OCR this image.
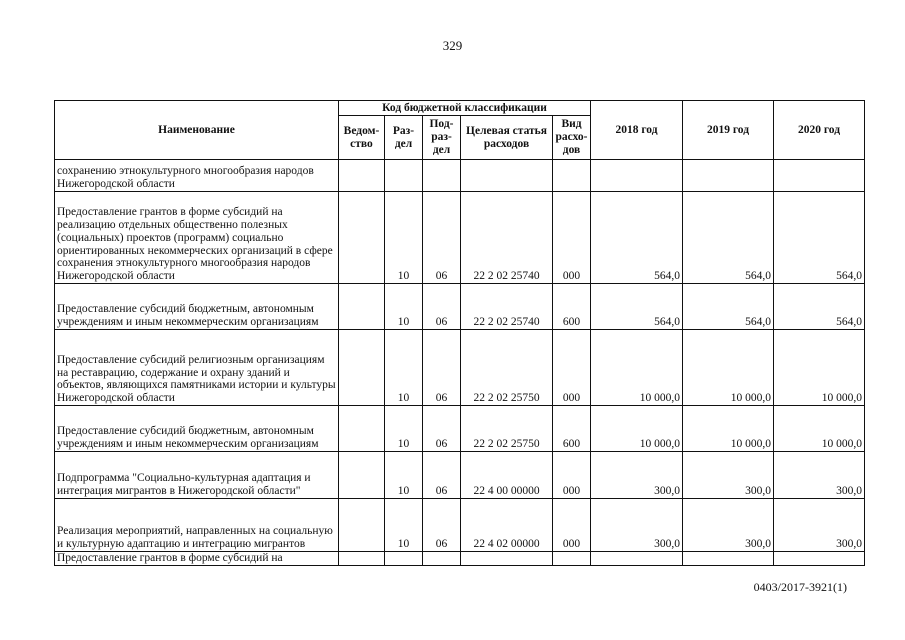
329
Наименование	Код бюджетной классификации					2018 год	2019 год	2020 год
	Ведом-ство	Раз-дел	Под-раз-дел	Целевая статья расходов	Вид расхо-дов			
сохранению этнокультурного многообразия народов Нижегородской области								
Предоставление грантов в форме субсидий на реализацию отдельных общественно полезных (социальных) проектов (программ) социально ориентированных некоммерческих организаций в сфере сохранения этнокультурного многообразия народов Нижегородской области		10	06	22 2 02 25740	000	564,0	564,0	564,0
Предоставление субсидий бюджетным, автономным учреждениям и иным некоммерческим организациям		10	06	22 2 02 25740	600	564,0	564,0	564,0
Предоставление субсидий религиозным организациям на реставрацию, содержание и охрану зданий и объектов, являющихся памятниками истории и культуры Нижегородской области		10	06	22 2 02 25750	000	10 000,0	10 000,0	10 000,0
Предоставление субсидий бюджетным, автономным учреждениям и иным некоммерческим организациям		10	06	22 2 02 25750	600	10 000,0	10 000,0	10 000,0
Подпрограмма "Социально-культурная адаптация и интеграция мигрантов в Нижегородской области"		10	06	22 4 00 00000	000	300,0	300,0	300,0
Реализация мероприятий, направленных на социальную и культурную адаптацию и интеграцию мигрантов		10	06	22 4 02 00000	000	300,0	300,0	300,0
Предоставление грантов в форме субсидий на								
0403/2017-3921(1)
